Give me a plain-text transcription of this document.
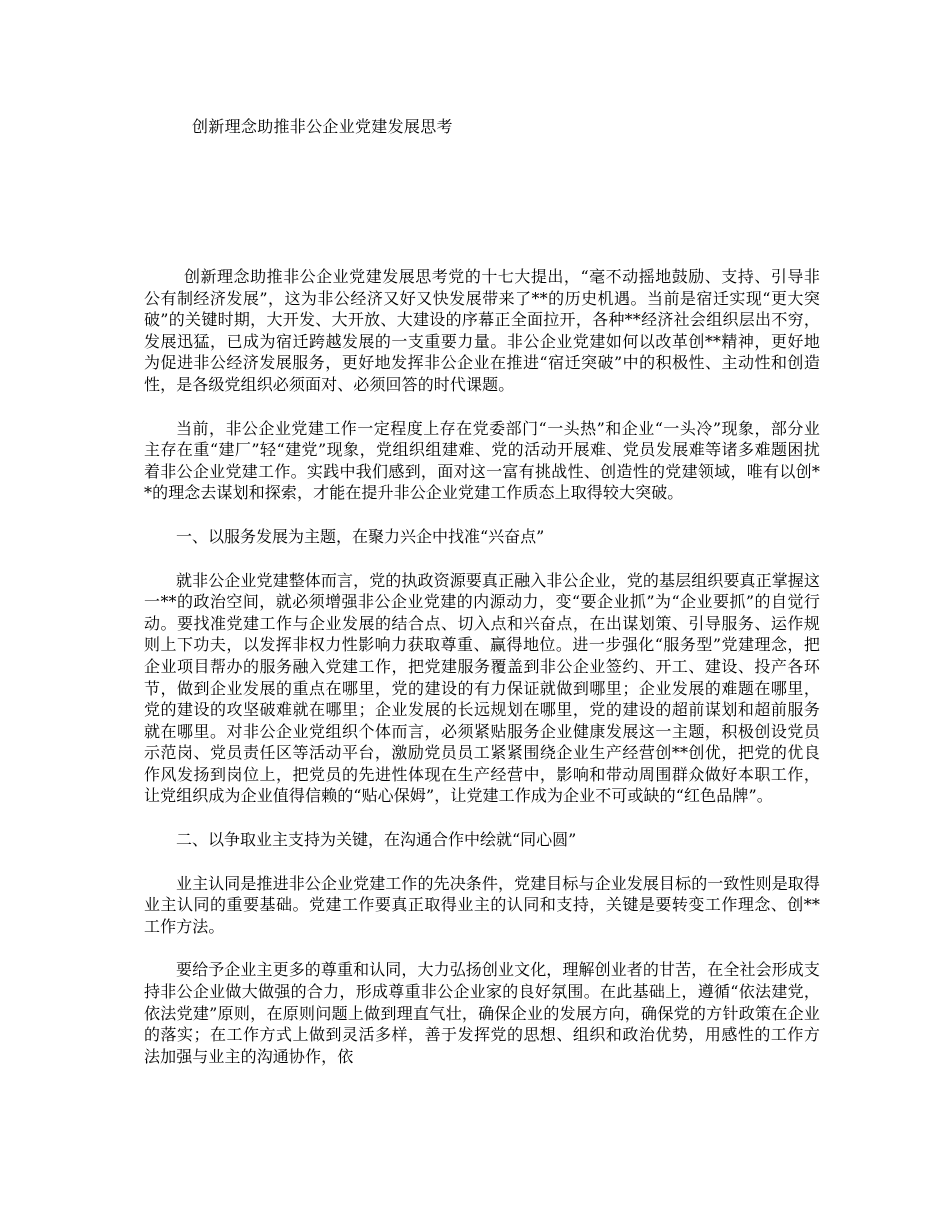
创新理念助推非公企业党建发展思考

创新理念助推非公企业党建发展思考党的十七大提出，“毫不动摇地鼓励、支持、引导非公有制经济发展”，这为非公经济又好又快发展带来了**的历史机遇。当前是宿迁实现“更大突破”的关键时期，大开发、大开放、大建设的序幕正全面拉开，各种**经济社会组织层出不穷，发展迅猛，已成为宿迁跨越发展的一支重要力量。非公企业党建如何以改革创**精神，更好地为促进非公经济发展服务，更好地发挥非公企业在推进“宿迁突破”中的积极性、主动性和创造性，是各级党组织必须面对、必须回答的时代课题。

当前，非公企业党建工作一定程度上存在党委部门“一头热”和企业“一头冷”现象，部分业主存在重“建厂”轻“建党”现象，党组织组建难、党的活动开展难、党员发展难等诸多难题困扰着非公企业党建工作。实践中我们感到，面对这一富有挑战性、创造性的党建领域，唯有以创**的理念去谋划和探索，才能在提升非公企业党建工作质态上取得较大突破。

一、以服务发展为主题，在聚力兴企中找准“兴奋点”

就非公企业党建整体而言，党的执政资源要真正融入非公企业，党的基层组织要真正掌握这一**的政治空间，就必须增强非公企业党建的内源动力，变“要企业抓”为“企业要抓”的自觉行动。要找准党建工作与企业发展的结合点、切入点和兴奋点，在出谋划策、引导服务、运作规则上下功夫，以发挥非权力性影响力获取尊重、赢得地位。进一步强化“服务型”党建理念，把企业项目帮办的服务融入党建工作，把党建服务覆盖到非公企业签约、开工、建设、投产各环节，做到企业发展的重点在哪里，党的建设的有力保证就做到哪里；企业发展的难题在哪里，党的建设的攻坚破难就在哪里；企业发展的长远规划在哪里，党的建设的超前谋划和超前服务就在哪里。对非公企业党组织个体而言，必须紧贴服务企业健康发展这一主题，积极创设党员示范岗、党员责任区等活动平台，激励党员员工紧紧围绕企业生产经营创**创优，把党的优良作风发扬到岗位上，把党员的先进性体现在生产经营中，影响和带动周围群众做好本职工作，让党组织成为企业值得信赖的“贴心保姆”，让党建工作成为企业不可或缺的“红色品牌”。

二、以争取业主支持为关键，在沟通合作中绘就“同心圆”

业主认同是推进非公企业党建工作的先决条件，党建目标与企业发展目标的一致性则是取得业主认同的重要基础。党建工作要真正取得业主的认同和支持，关键是要转变工作理念、创**工作方法。

要给予企业主更多的尊重和认同，大力弘扬创业文化，理解创业者的甘苦，在全社会形成支持非公企业做大做强的合力，形成尊重非公企业家的良好氛围。在此基础上，遵循“依法建党，依法党建”原则，在原则问题上做到理直气壮，确保企业的发展方向，确保党的方针政策在企业的落实；在工作方式上做到灵活多样，善于发挥党的思想、组织和政治优势，用感性的工作方法加强与业主的沟通协作，依
